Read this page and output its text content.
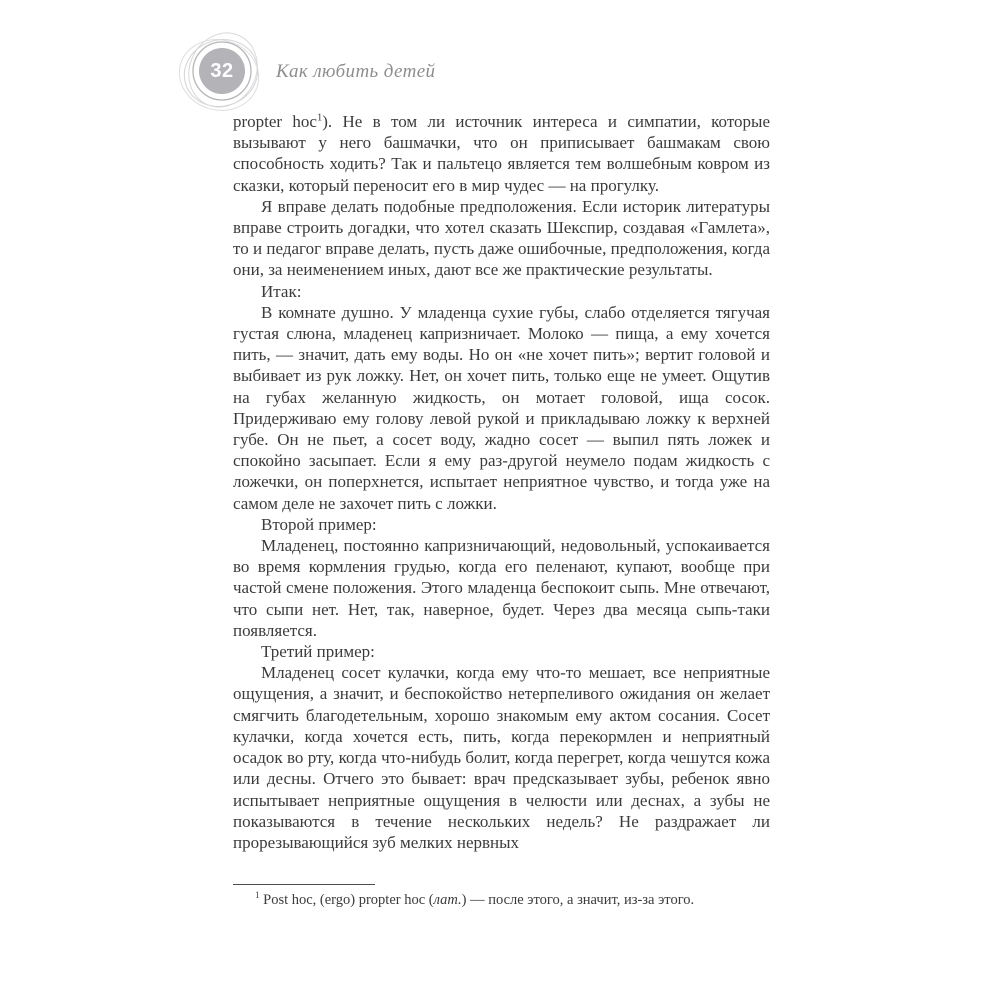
32	Как любить детей

propter hoc$^1$). Не в том ли источник интереса и симпатии, которые вызывают у него башмачки, что он приписывает башмакам свою способность ходить? Так и пальтецо является тем волшебным ковром из сказки, который переносит его в мир чудес — на прогулку.

Я вправе делать подобные предположения. Если историк литературы вправе строить догадки, что хотел сказать Шекспир, создавая «Гамлета», то и педагог вправе делать, пусть даже ошибочные, предположения, когда они, за неименением иных, дают все же практические результаты.

Итак:

В комнате душно. У младенца сухие губы, слабо отделяется тягучая густая слюна, младенец капризничает. Молоко — пища, а ему хочется пить, — значит, дать ему воды. Но он «не хочет пить»; вертит головой и выбивает из рук ложку. Нет, он хочет пить, только еще не умеет. Ощутив на губах желанную жидкость, он мотает головой, ища сосок. Придерживаю ему голову левой рукой и прикладываю ложку к верхней губе. Он не пьет, а сосет воду, жадно сосет — выпил пять ложек и спокойно засыпает. Если я ему раз-другой неумело подам жидкость с ложечки, он поперхнется, испытает неприятное чувство, и тогда уже на самом деле не захочет пить с ложки.

Второй пример:

Младенец, постоянно капризничающий, недовольный, успокаивается во время кормления грудью, когда его пеленают, купают, вообще при частой смене положения. Этого младенца беспокоит сыпь. Мне отвечают, что сыпи нет. Нет, так, наверное, будет. Через два месяца сыпь-таки появляется.

Третий пример:

Младенец сосет кулачки, когда ему что-то мешает, все неприятные ощущения, а значит, и беспокойство нетерпеливого ожидания он желает смягчить благодетельным, хорошо знакомым ему актом сосания. Сосет кулачки, когда хочется есть, пить, когда перекормлен и неприятный осадок во рту, когда что-нибудь болит, когда перегрет, когда чешутся кожа или десны. Отчего это бывает: врач предсказывает зубы, ребенок явно испытывает неприятные ощущения в челюсти или деснах, а зубы не показываются в течение нескольких недель? Не раздражает ли прорезывающийся зуб мелких нервных

$^1$ Post hoc, (ergo) propter hoc (лат.) — после этого, а значит, из-за этого.
